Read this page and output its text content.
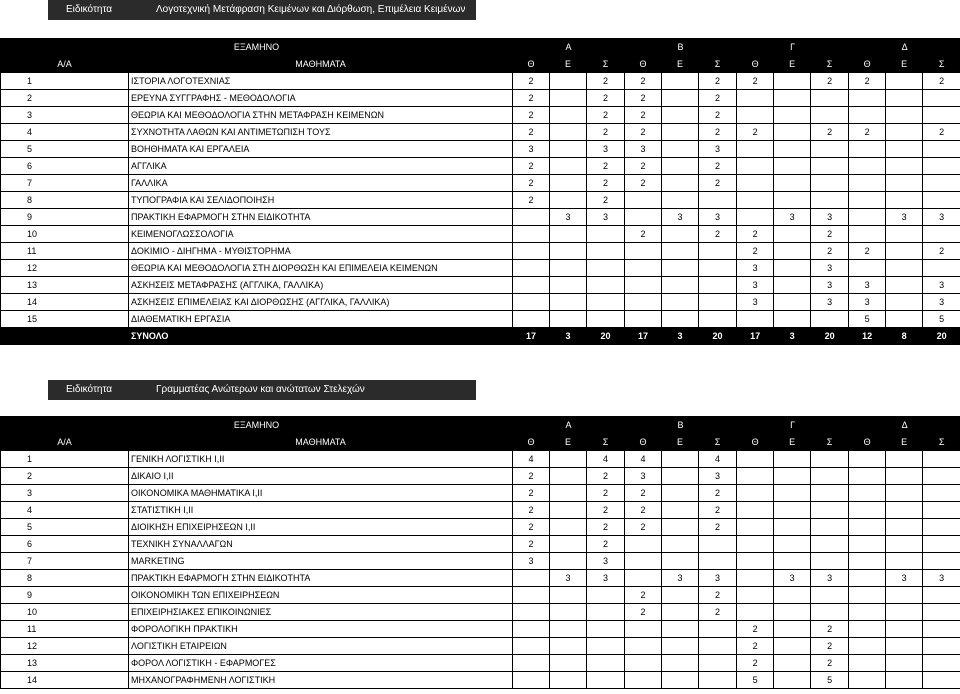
Ειδικότητα	Λογοτεχνική Μετάφραση Κειμένων και Διόρθωση, Επιμέλεια Κειμένων
ΕΞΑΜΗΝΟ		Α			Β			Γ			Δ		
Α/Α	ΜΑΘΗΜΑΤΑ	Θ	Ε	Σ	Θ	Ε	Σ	Θ	Ε	Σ	Θ	Ε	Σ
1	ΙΣΤΟΡΙΑ ΛΟΓΟΤΕΧΝΙΑΣ	2		2	2		2	2		2	2		2
2	ΕΡΕΥΝΑ ΣΥΓΓΡΑΦΗΣ - ΜΕΘΟΔΟΛΟΓΙΑ	2		2	2		2						
3	ΘΕΩΡΙΑ ΚΑΙ ΜΕΘΟΔΟΛΟΓΙΑ ΣΤΗΝ ΜΕΤΑΦΡΑΣΗ ΚΕΙΜΕΝΩΝ	2		2	2		2						
4	ΣΥΧΝΟΤΗΤΑ ΛΑΘΩΝ ΚΑΙ ΑΝΤΙΜΕΤΩΠΙΣΗ ΤΟΥΣ	2		2	2		2	2		2	2		2
5	ΒΟΗΘΗΜΑΤΑ ΚΑΙ ΕΡΓΑΛΕΙΑ	3		3	3		3						
6	ΑΓΓΛΙΚΑ	2		2	2		2						
7	ΓΑΛΛΙΚΑ	2		2	2		2						
8	ΤΥΠΟΓΡΑΦΙΑ ΚΑΙ ΣΕΛΙΔΟΠΟΙΗΣΗ	2		2									
9	ΠΡΑΚΤΙΚΗ ΕΦΑΡΜΟΓΗ ΣΤΗΝ ΕΙΔΙΚΟΤΗΤΑ		3	3		3	3		3	3		3	3
10	ΚΕΙΜΕΝΟΓΛΩΣΣΟΛΟΓΙΑ				2		2	2		2			
11	ΔΟΚΙΜΙΟ - ΔΙΗΓΗΜΑ - ΜΥΘΙΣΤΟΡΗΜΑ							2		2	2		2
12	ΘΕΩΡΙΑ ΚΑΙ ΜΕΘΟΔΟΛΟΓΙΑ ΣΤΗ ΔΙΟΡΘΩΣΗ ΚΑΙ ΕΠΙΜΕΛΕΙΑ ΚΕΙΜΕΝΩΝ							3		3			
13	ΑΣΚΗΣΕΙΣ ΜΕΤΑΦΡΑΣΗΣ (ΑΓΓΛΙΚΑ, ΓΑΛΛΙΚΑ)							3		3	3		3
14	ΑΣΚΗΣΕΙΣ ΕΠΙΜΕΛΕΙΑΣ ΚΑΙ ΔΙΟΡΘΩΣΗΣ (ΑΓΓΛΙΚΑ, ΓΑΛΛΙΚΑ)							3		3	3		3
15	ΔΙΑΘΕΜΑΤΙΚΗ ΕΡΓΑΣΙΑ										5		5
	ΣΥΝΟΛΟ	17	3	20	17	3	20	17	3	20	12	8	20
Ειδικότητα	Γραμματέας Ανώτερων και ανώτατων Στελεχών
ΕΞΑΜΗΝΟ		Α			Β			Γ			Δ		
Α/Α	ΜΑΘΗΜΑΤΑ	Θ	Ε	Σ	Θ	Ε	Σ	Θ	Ε	Σ	Θ	Ε	Σ
1	ΓΕΝΙΚΗ ΛΟΓΙΣΤΙΚΗ Ι,ΙΙ	4		4	4		4						
2	ΔΙΚΑΙΟ Ι,ΙΙ	2		2	3		3						
3	ΟΙΚΟΝΟΜΙΚΑ ΜΑΘΗΜΑΤΙΚΑ Ι,ΙΙ	2		2	2		2						
4	ΣΤΑΤΙΣΤΙΚΗ Ι,ΙΙ	2		2	2		2						
5	ΔΙΟΙΚΗΣΗ ΕΠΙΧΕΙΡΗΣΕΩΝ Ι,ΙΙ	2		2	2		2						
6	ΤΕΧΝΙΚΗ ΣΥΝΑΛΛΑΓΩΝ	2		2									
7	MARKETING	3		3									
8	ΠΡΑΚΤΙΚΗ ΕΦΑΡΜΟΓΗ ΣΤΗΝ ΕΙΔΙΚΟΤΗΤΑ		3	3		3	3		3	3		3	3
9	ΟΙΚΟΝΟΜΙΚΗ ΤΩΝ ΕΠΙΧΕΙΡΗΣΕΩΝ				2		2						
10	ΕΠΙΧΕΙΡΗΣΙΑΚΕΣ ΕΠΙΚΟΙΝΩΝΙΕΣ				2		2						
11	ΦΟΡΟΛΟΓΙΚΗ ΠΡΑΚΤΙΚΗ							2		2			
12	ΛΟΓΙΣΤΙΚΗ ΕΤΑΙΡΕΙΩΝ							2		2			
13	ΦΟΡΟΛ ΛΟΓΙΣΤΙΚΗ - ΕΦΑΡΜΟΓΕΣ							2		2			
14	ΜΗΧΑΝΟΓΡΑΦΗΜΕΝΗ ΛΟΓΙΣΤΙΚΗ							5		5			
